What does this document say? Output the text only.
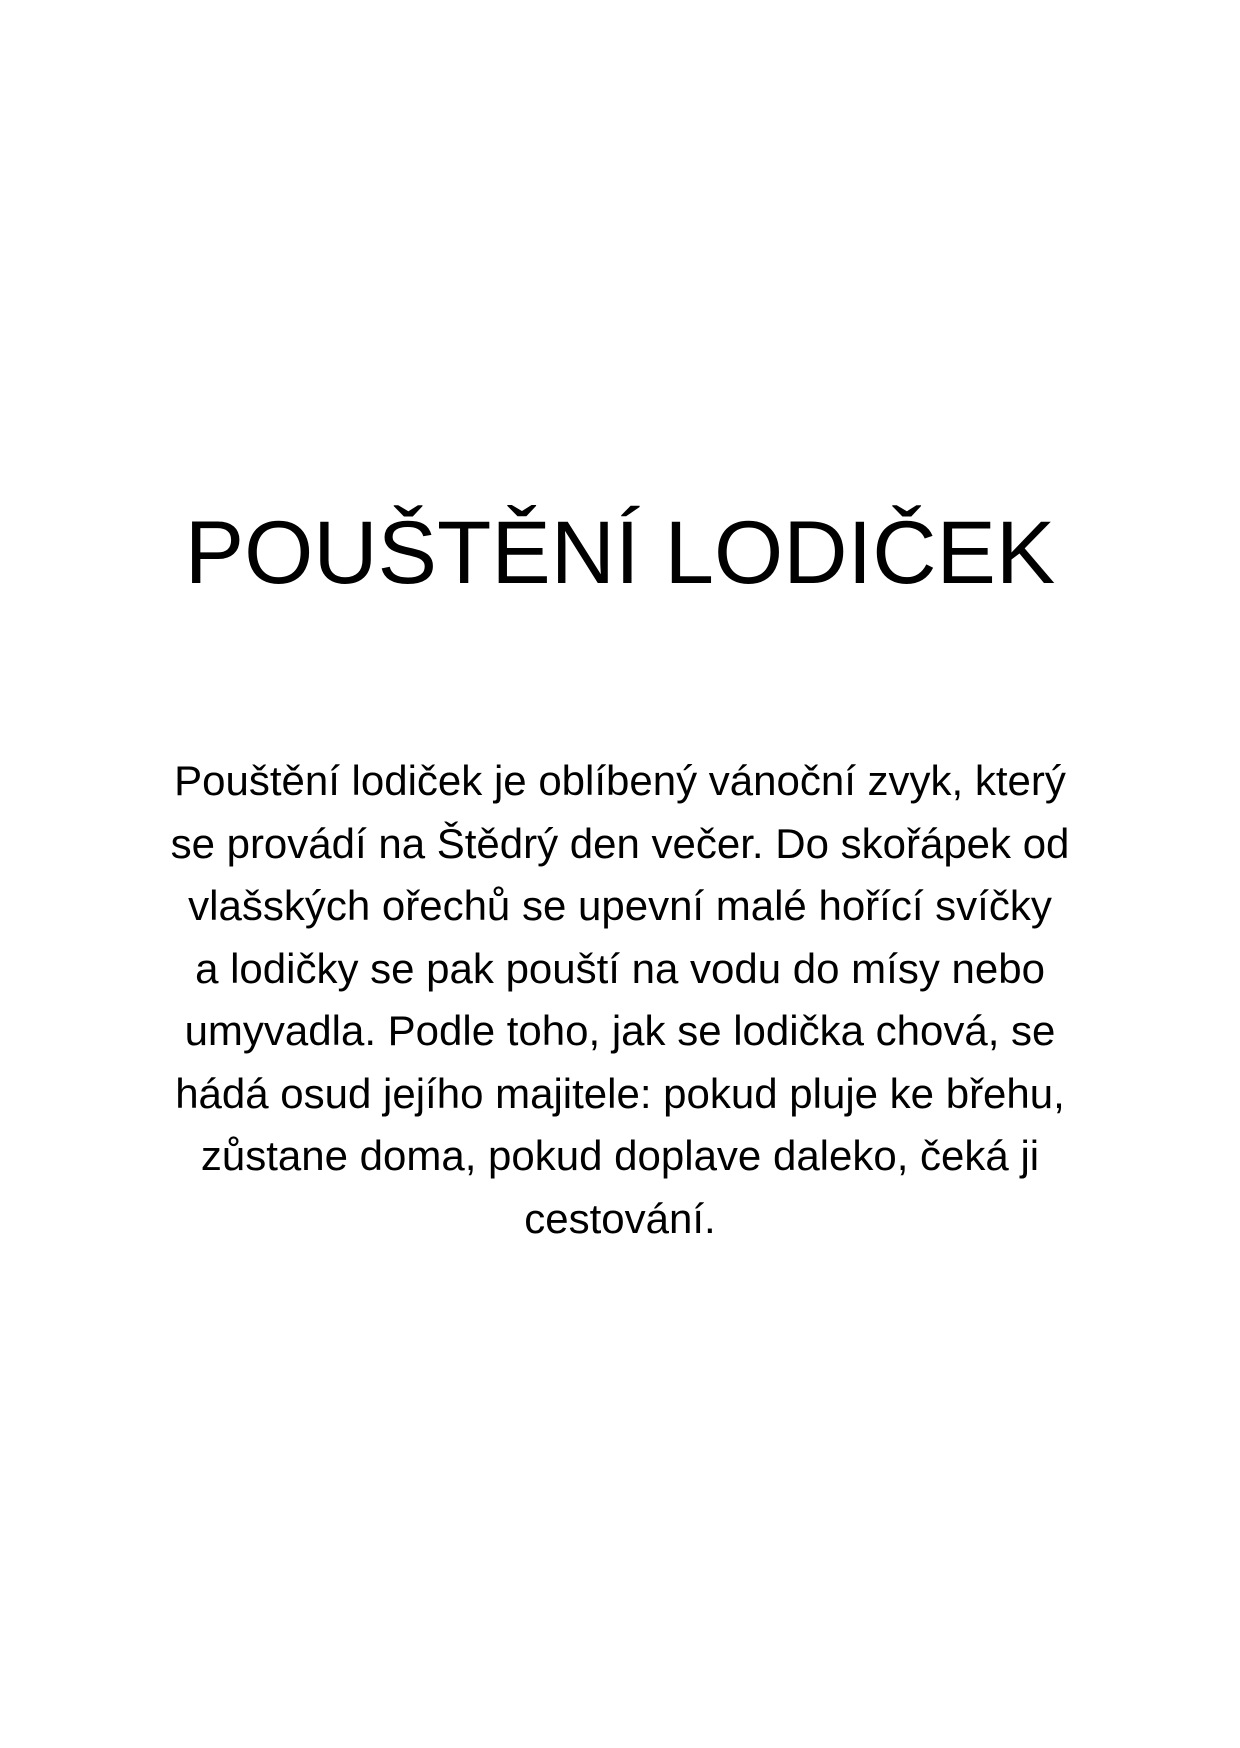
POUŠTĚNÍ LODIČEK
Pouštění lodiček je oblíbený vánoční zvyk, který
se provádí na Štědrý den večer. Do skořápek od
vlašských ořechů se upevní malé hořící svíčky
a lodičky se pak pouští na vodu do mísy nebo
umyvadla. Podle toho, jak se lodička chová, se
hádá osud jejího majitele: pokud pluje ke břehu,
zůstane doma, pokud doplave daleko, čeká ji
cestování.
